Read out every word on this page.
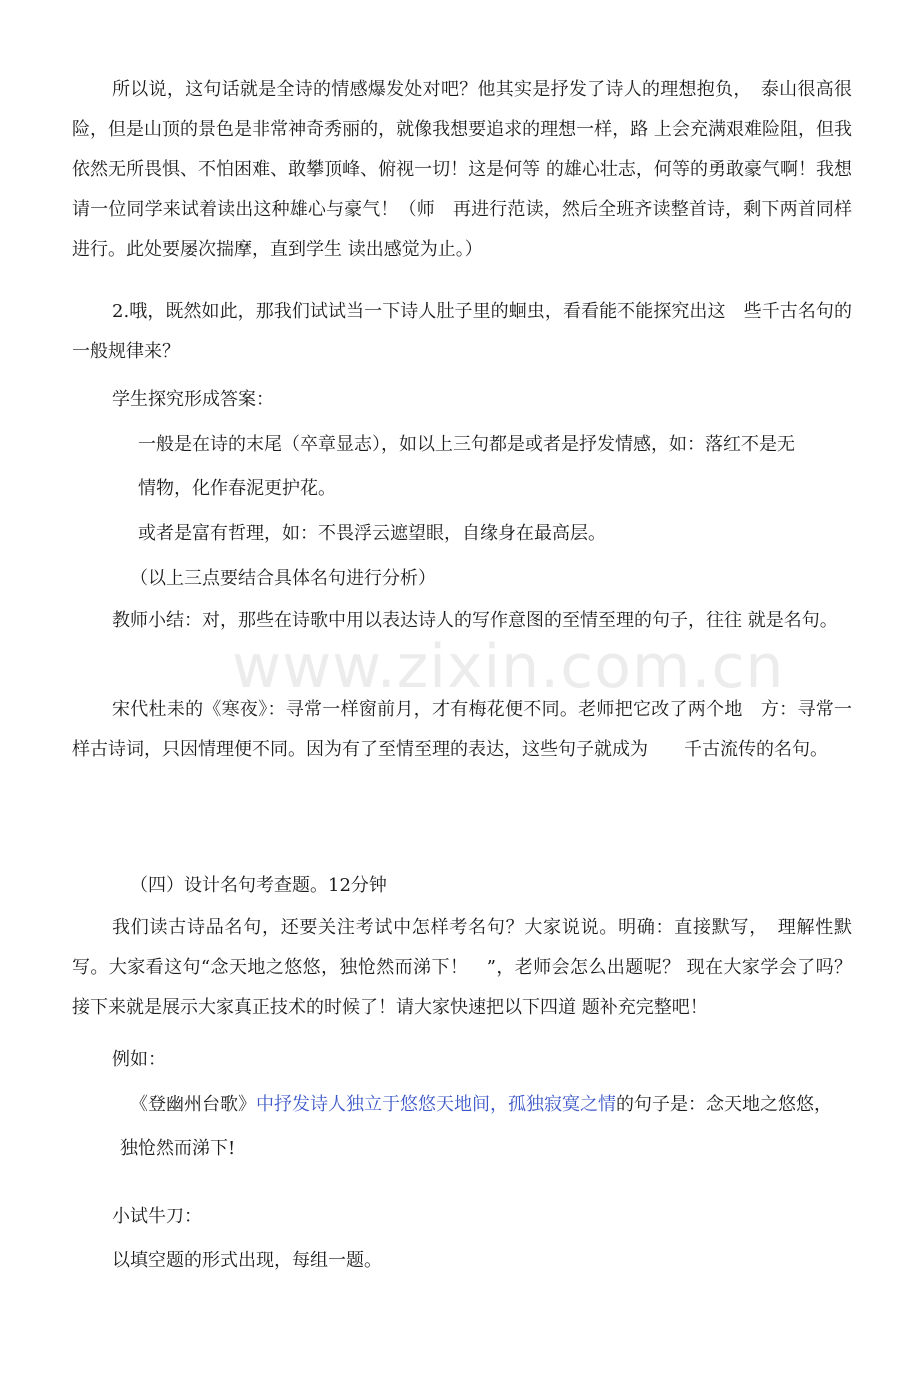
www.zixin.com.cn

所以说，这句话就是全诗的情感爆发处对吧？他其实是抒发了诗人的理想抱负，　泰山很高很险，但是山顶的景色是非常神奇秀丽的，就像我想要追求的理想一样，路 上会充满艰难险阻，但我依然无所畏惧、不怕困难、敢攀顶峰、俯视一切！这是何等 的雄心壮志，何等的勇敢豪气啊！我想请一位同学来试着读出这种雄心与豪气！（师　再进行范读，然后全班齐读整首诗，剩下两首同样进行。此处要屡次揣摩，直到学生 读出感觉为止。）

2.哦，既然如此，那我们试试当一下诗人肚子里的蛔虫，看看能不能探究出这　些千古名句的一般规律来？

学生探究形成答案：

一般是在诗的末尾（卒章显志），如以上三句都是或者是抒发情感，如：落红不是无

情物，化作春泥更护花。

或者是富有哲理，如：不畏浮云遮望眼，自缘身在最高层。

（以上三点要结合具体名句进行分析）

教师小结：对，那些在诗歌中用以表达诗人的写作意图的至情至理的句子，往往 就是名句。

宋代杜耒的《寒夜》：寻常一样窗前月，才有梅花便不同。老师把它改了两个地　方：寻常一样古诗词，只因情理便不同。因为有了至情至理的表达，这些句子就成为　　千古流传的名句。

（四）设计名句考查题。12分钟

我们读古诗品名句，还要关注考试中怎样考名句？大家说说。明确：直接默写，　理解性默写。大家看这句“念天地之悠悠，独怆然而涕下！　”，老师会怎么出题呢？ 现在大家学会了吗？接下来就是展示大家真正技术的时候了！请大家快速把以下四道 题补充完整吧！

例如：

《登幽州台歌》中抒发诗人独立于悠悠天地间，孤独寂寞之情的句子是：念天地之悠悠，

独怆然而涕下!

小试牛刀：

以填空题的形式出现，每组一题。
